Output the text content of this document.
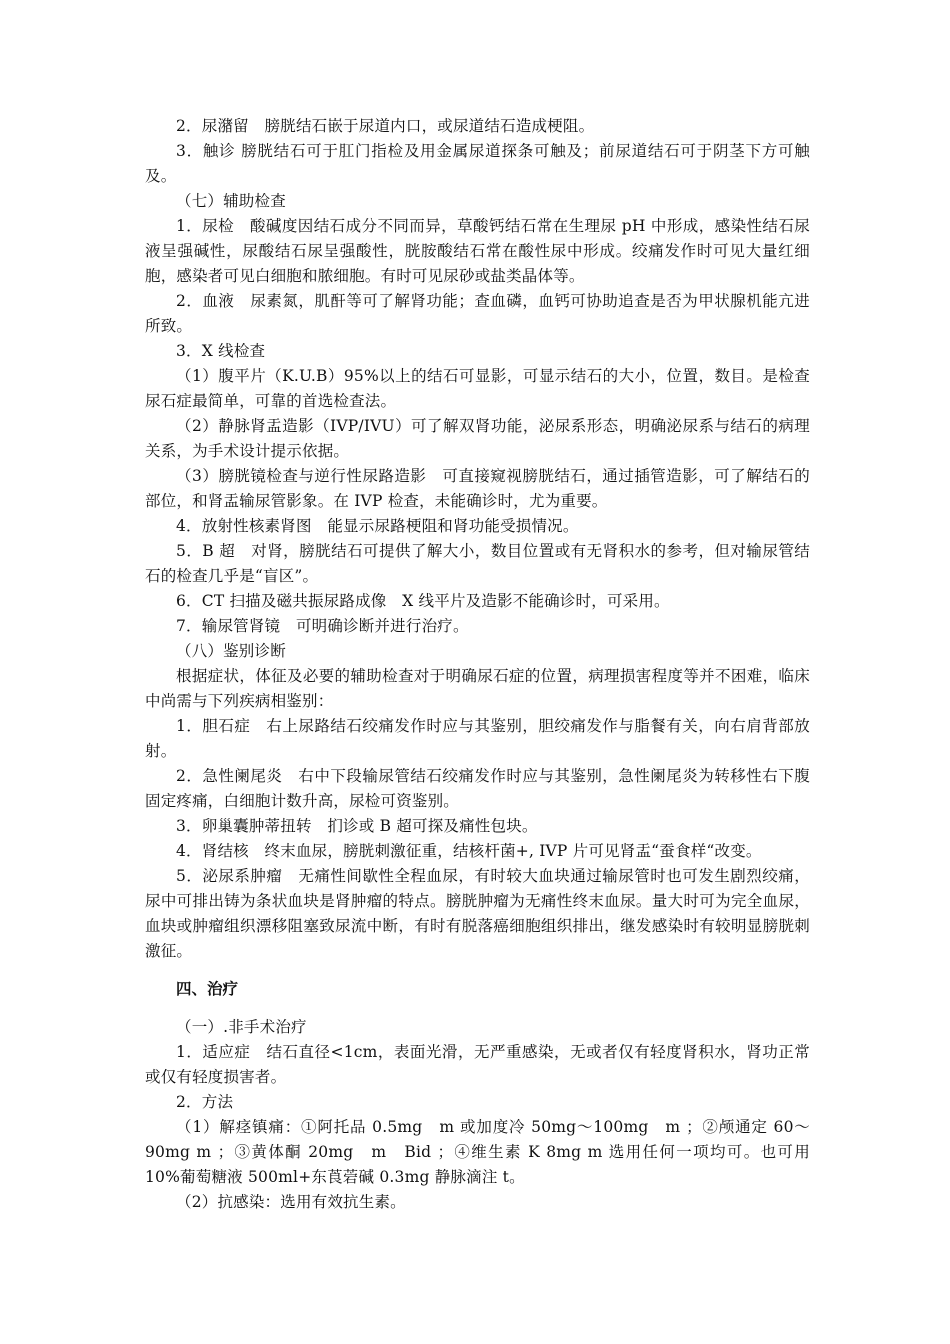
2．尿潴留　膀胱结石嵌于尿道内口，或尿道结石造成梗阻。

3．触诊 膀胱结石可于肛门指检及用金属尿道探条可触及；前尿道结石可于阴茎下方可触及。

（七）辅助检查

1．尿检　酸碱度因结石成分不同而异，草酸钙结石常在生理尿 pH 中形成，感染性结石尿液呈强碱性，尿酸结石尿呈强酸性，胱胺酸结石常在酸性尿中形成。绞痛发作时可见大量红细胞，感染者可见白细胞和脓细胞。有时可见尿砂或盐类晶体等。

2．血液　尿素氮，肌酐等可了解肾功能；查血磷，血钙可协助追查是否为甲状腺机能亢进所致。

3．X 线检查

（1）腹平片（K.U.B）95%以上的结石可显影，可显示结石的大小，位置，数目。是检查尿石症最简单，可靠的首选检查法。

（2）静脉肾盂造影（IVP/IVU）可了解双肾功能，泌尿系形态，明确泌尿系与结石的病理关系，为手术设计提示依据。

（3）膀胱镜检查与逆行性尿路造影　可直接窥视膀胱结石，通过插管造影，可了解结石的部位，和肾盂输尿管影象。在 IVP 检查，未能确诊时，尤为重要。

4．放射性核素肾图　能显示尿路梗阻和肾功能受损情况。

5．B 超　对肾，膀胱结石可提供了解大小，数目位置或有无肾积水的参考，但对输尿管结石的检查几乎是“盲区”。

6．CT 扫描及磁共振尿路成像　X 线平片及造影不能确诊时，可采用。

7．输尿管肾镜　可明确诊断并进行治疗。

（八）鉴别诊断

根据症状，体征及必要的辅助检查对于明确尿石症的位置，病理损害程度等并不困难，临床中尚需与下列疾病相鉴别：

1．胆石症　右上尿路结石绞痛发作时应与其鉴别，胆绞痛发作与脂餐有关，向右肩背部放射。

2．急性阑尾炎　右中下段输尿管结石绞痛发作时应与其鉴别，急性阑尾炎为转移性右下腹固定疼痛，白细胞计数升高，尿检可资鉴别。

3．卵巢囊肿蒂扭转　扪诊或 B 超可探及痛性包块。

4．肾结核　终末血尿，膀胱刺激征重，结核杆菌+, IVP 片可见肾盂“蚕食样“改变。

5．泌尿系肿瘤　无痛性间歇性全程血尿，有时较大血块通过输尿管时也可发生剧烈绞痛，尿中可排出铸为条状血块是肾肿瘤的特点。膀胱肿瘤为无痛性终末血尿。量大时可为完全血尿，血块或肿瘤组织漂移阻塞致尿流中断，有时有脱落癌细胞组织排出，继发感染时有较明显膀胱刺激征。

四、治疗

（一）.非手术治疗

1．适应症　结石直径<1cm，表面光滑，无严重感染，无或者仅有轻度肾积水，肾功正常或仅有轻度损害者。

2．方法

（1）解痉镇痛：①阿托品 0.5mg　m 或加度冷 50mg～100mg　m ；②颅通定 60～90mg m ；③黄体酮 20mg　m　Bid ；④维生素 K 8mg m 选用任何一项均可。也可用 10%葡萄糖液 500ml+东莨菪碱 0.3mg 静脉滴注 t。

（2）抗感染：选用有效抗生素。
